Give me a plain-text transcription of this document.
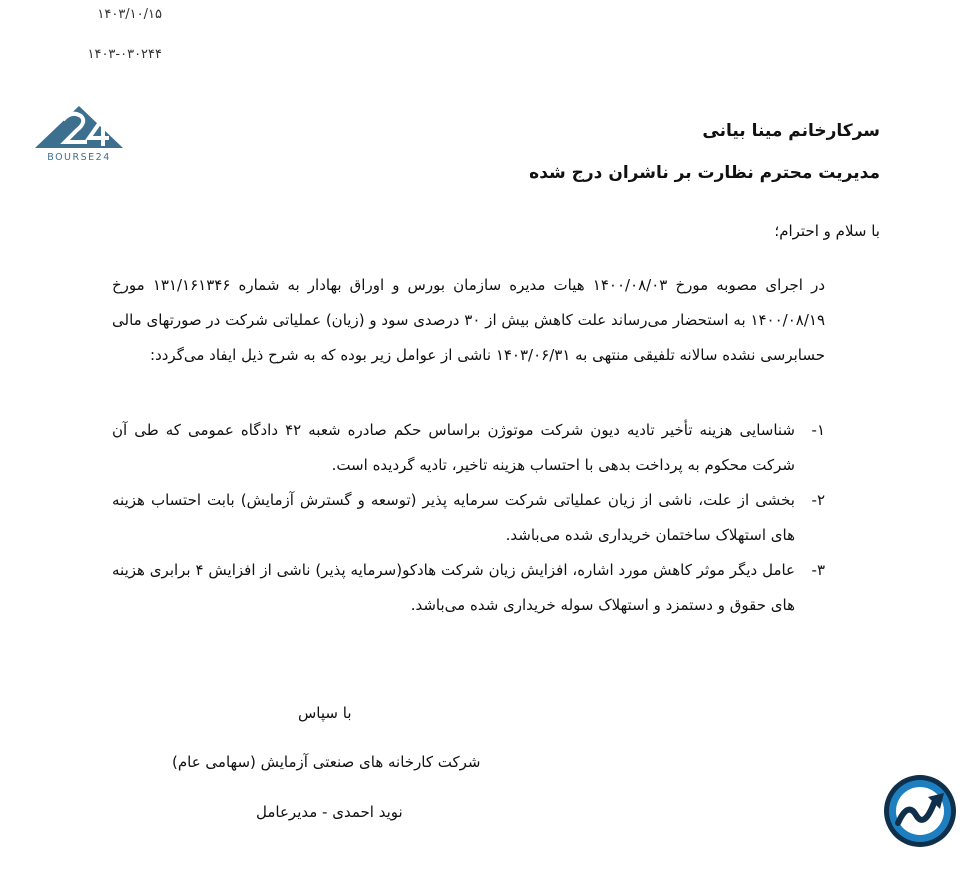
۱۴۰۳/۱۰/۱۵
۱۴۰۳-۰۳۰۲۴۴
BOURSE24
سرکارخانم مینا بیانی
مدیریت محترم نظارت بر ناشران درج شده
با سلام و احترام؛
در اجرای مصوبه مورخ ۱۴۰۰/۰۸/۰۳ هیات مدیره سازمان بورس و اوراق بهادار به شماره ۱۳۱/۱۶۱۳۴۶ مورخ ۱۴۰۰/۰۸/۱۹ به استحضار می‌رساند علت کاهش بیش از ۳۰ درصدی سود و (زیان) عملیاتی شرکت در صورتهای مالی حسابرسی نشده سالانه تلفیقی منتهی به ۱۴۰۳/۰۶/۳۱ ناشی از عوامل زیر بوده که به شرح ذیل ایفاد می‌گردد:
۱-
شناسایی هزینه تأخیر تادیه دیون شرکت موتوژن براساس حکم صادره شعبه ۴۲ دادگاه عمومی که طی آن شرکت محکوم به پرداخت بدهی با احتساب هزینه تاخیر، تادیه گردیده است.
۲-
بخشی از علت، ناشی از زیان عملیاتی شرکت سرمایه پذیر (توسعه و گسترش آزمایش) بابت احتساب هزینه های استهلاک ساختمان خریداری شده می‌باشد.
۳-
عامل دیگر موثر کاهش مورد اشاره، افزایش زیان شرکت هادکو(سرمایه پذیر) ناشی از افزایش ۴ برابری هزینه های حقوق و دستمزد و استهلاک سوله خریداری شده می‌باشد.
با سپاس
شرکت کارخانه های صنعتی آزمایش (سهامی عام)
نوید احمدی - مدیرعامل
